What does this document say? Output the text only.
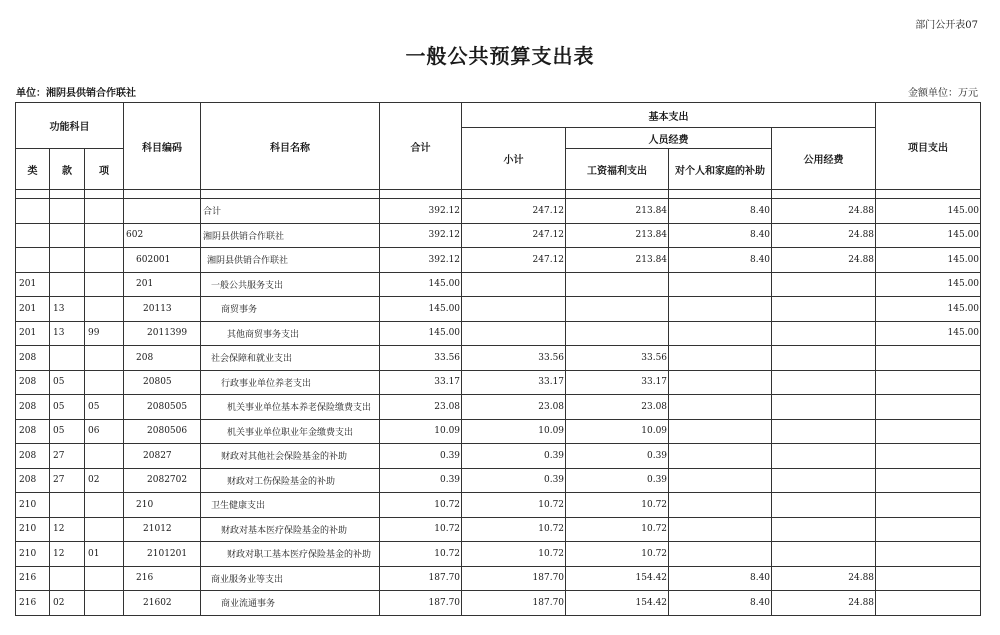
部门公开表07
一般公共预算支出表
单位：湘阴县供销合作联社	金额单位：万元
功能科目			科目编码	科目名称	合计	基本支出				项目支出
						小计	人员经费		公用经费	
类	款	项					工资福利支出	对个人和家庭的补助		

				合计	392.12	247.12	213.84	8.40	24.88	145.00
			602	湘阴县供销合作联社	392.12	247.12	213.84	8.40	24.88	145.00
			602001	湘阴县供销合作联社	392.12	247.12	213.84	8.40	24.88	145.00
201			201	一般公共服务支出	145.00					145.00
201	13		20113	商贸事务	145.00					145.00
201	13	99	2011399	其他商贸事务支出	145.00					145.00
208			208	社会保障和就业支出	33.56	33.56	33.56			
208	05		20805	行政事业单位养老支出	33.17	33.17	33.17			
208	05	05	2080505	机关事业单位基本养老保险缴费支出	23.08	23.08	23.08			
208	05	06	2080506	机关事业单位职业年金缴费支出	10.09	10.09	10.09			
208	27		20827	财政对其他社会保险基金的补助	0.39	0.39	0.39			
208	27	02	2082702	财政对工伤保险基金的补助	0.39	0.39	0.39			
210			210	卫生健康支出	10.72	10.72	10.72			
210	12		21012	财政对基本医疗保险基金的补助	10.72	10.72	10.72			
210	12	01	2101201	财政对职工基本医疗保险基金的补助	10.72	10.72	10.72			
216			216	商业服务业等支出	187.70	187.70	154.42	8.40	24.88	
216	02		21602	商业流通事务	187.70	187.70	154.42	8.40	24.88	
